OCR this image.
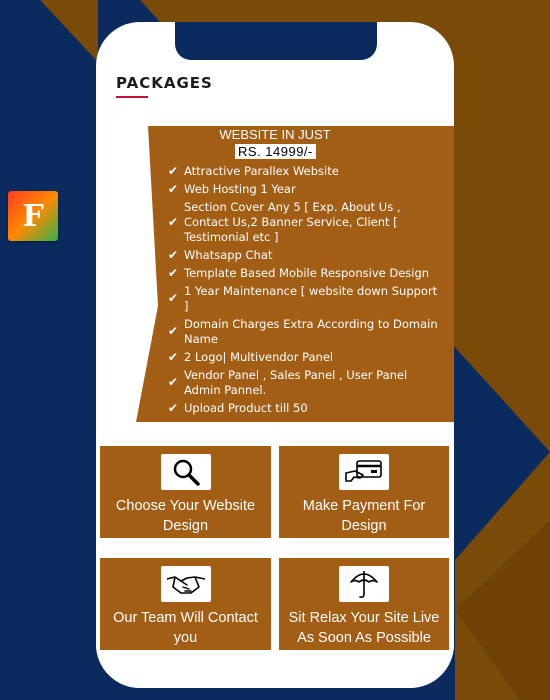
PACKAGES
WEBSITE IN JUST
RS. 14999/-
✔ Attractive Parallex Website
✔ Web Hosting 1 Year
✔
Section Cover Any 5 [ Exp. About Us , Contact Us,2 Banner Service, Client [ Testimonial etc ]
✔ Whatsapp Chat
✔ Template Based Mobile Responsive Design
✔ 1 Year Maintenance [ website down Support ]
✔ Domain Charges Extra According to Domain Name
✔ 2 Logo| Multivendor Panel
✔ Vendor Panel , Sales Panel , User Panel Admin Pannel.
✔ Upload Product till 50
Choose Your Website Design
Make Payment For Design
Our Team Will Contact you
Sit Relax Your Site Live As Soon As Possible
F
